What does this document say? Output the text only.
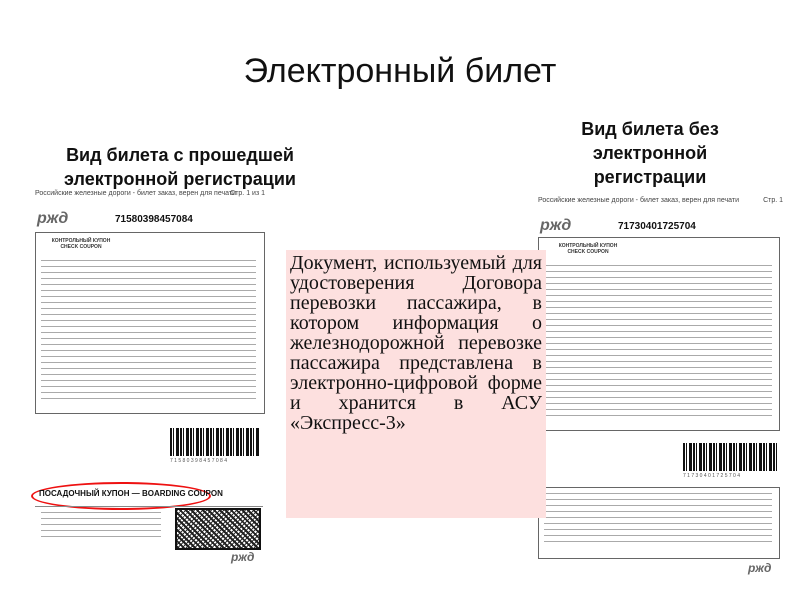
Электронный билет
Вид билета с прошедшей электронной регистрации
Вид билета без электронной регистрации
Российские железные дороги - билет заказ, верен для печати
Стр. 1 из 1
ржд	71580398457084
КОНТРОЛЬНЫЙ КУПОН CHECK COUPON
7 1 5 8 0 3 9 8 4 5 7 0 8 4
ПОСАДОЧНЫЙ КУПОН — BOARDING COUPON
ржд
Российские железные дороги - билет заказ, верен для печати	Стр. 1
ржд	71730401725704
КОНТРОЛЬНЫЙ КУПОН CHECK COUPON
7 1 7 3 0 4 0 1 7 2 5 7 0 4
ржд

Документ, используемый для удостоверения Договора перевозки пассажира, в котором информация о железнодорожной перевозке пассажира представлена в электронно-цифровой форме и хранится в АСУ «Экспресс-3»
